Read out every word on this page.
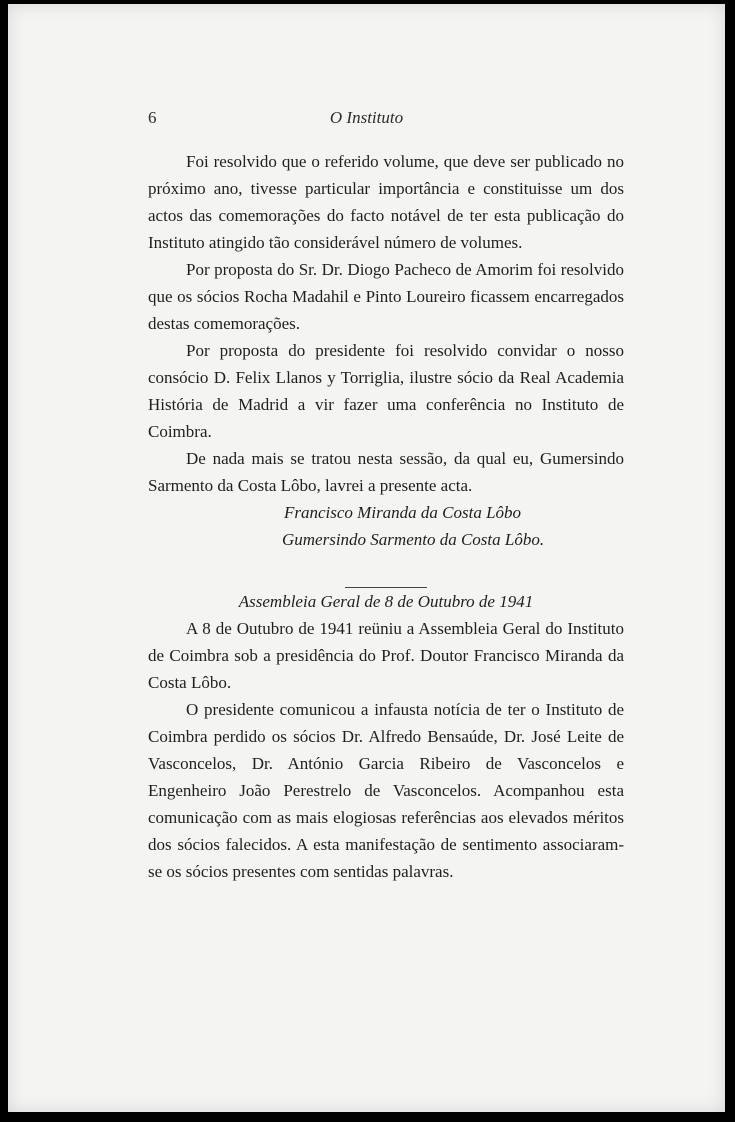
6	O Instituto

Foi resolvido que o referido volume, que deve ser publicado no próximo ano, tivesse particular importância e constituisse um dos actos das comemorações do facto notável de ter esta publicação do Instituto atingido tão considerável número de volumes.

Por proposta do Sr. Dr. Diogo Pacheco de Amorim foi resolvido que os sócios Rocha Madahil e Pinto Loureiro ficassem encarregados destas comemorações.

Por proposta do presidente foi resolvido convidar o nosso consócio D. Felix Llanos y Torriglia, ilustre sócio da Real Academia História de Madrid a vir fazer uma conferência no Instituto de Coimbra.

De nada mais se tratou nesta sessão, da qual eu, Gumersindo Sarmento da Costa Lôbo, lavrei a presente acta.

Francisco Miranda da Costa Lôbo

Gumersindo Sarmento da Costa Lôbo.

Assembleia Geral de 8 de Outubro de 1941

A 8 de Outubro de 1941 reüniu a Assembleia Geral do Instituto de Coimbra sob a presidência do Prof. Doutor Francisco Miranda da Costa Lôbo.

O presidente comunicou a infausta notícia de ter o Instituto de Coimbra perdido os sócios Dr. Alfredo Bensaúde, Dr. José Leite de Vasconcelos, Dr. António Garcia Ribeiro de Vasconcelos e Engenheiro João Perestrelo de Vasconcelos. Acompanhou esta comunicação com as mais elogiosas referências aos elevados méritos dos sócios falecidos. A esta manifestação de sentimento associaram-se os sócios presentes com sentidas palavras.
